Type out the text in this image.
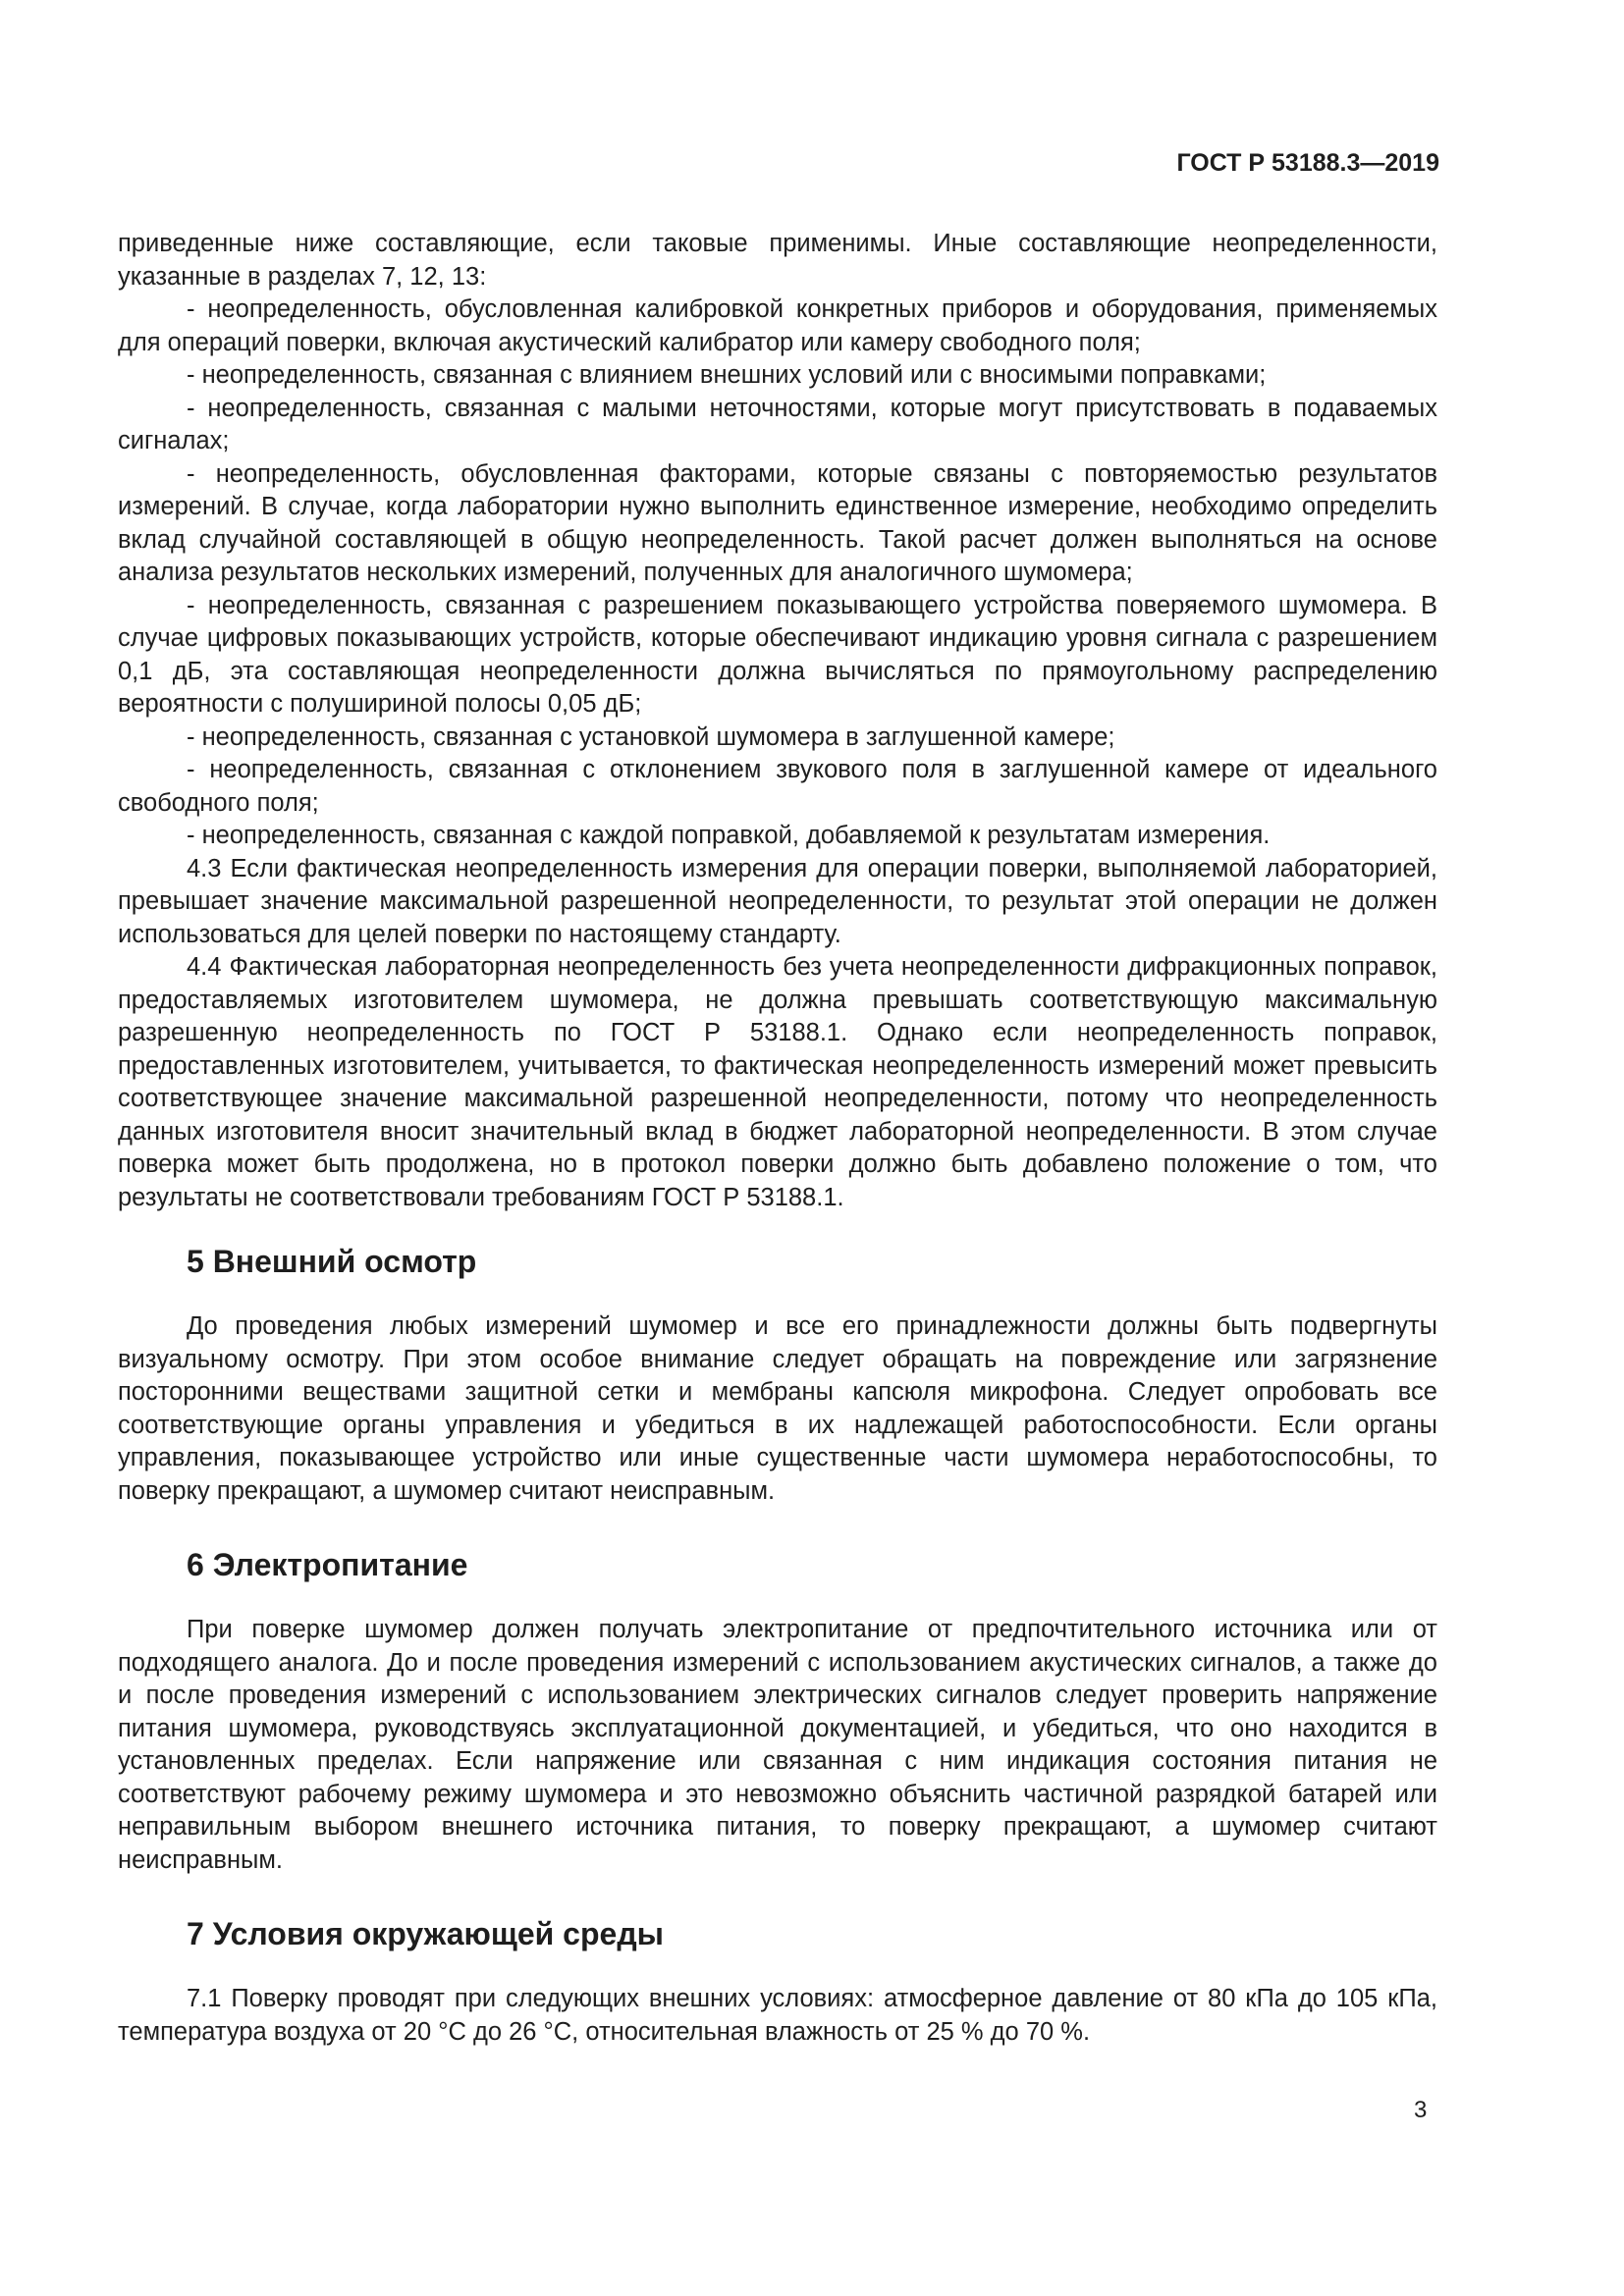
ГОСТ Р 53188.3—2019

приведенные ниже составляющие, если таковые применимы. Иные составляющие неопределенности, указанные в разделах 7, 12, 13:

- неопределенность, обусловленная калибровкой конкретных приборов и оборудования, применяемых для операций поверки, включая акустический калибратор или камеру свободного поля;

- неопределенность, связанная с влиянием внешних условий или с вносимыми поправками;

- неопределенность, связанная с малыми неточностями, которые могут присутствовать в подаваемых сигналах;

- неопределенность, обусловленная факторами, которые связаны с повторяемостью результатов измерений. В случае, когда лаборатории нужно выполнить единственное измерение, необходимо определить вклад случайной составляющей в общую неопределенность. Такой расчет должен выполняться на основе анализа результатов нескольких измерений, полученных для аналогичного шумомера;

- неопределенность, связанная с разрешением показывающего устройства поверяемого шумомера. В случае цифровых показывающих устройств, которые обеспечивают индикацию уровня сигнала с разрешением 0,1 дБ, эта составляющая неопределенности должна вычисляться по прямоугольному распределению вероятности с полушириной полосы 0,05 дБ;

- неопределенность, связанная с установкой шумомера в заглушенной камере;

- неопределенность, связанная с отклонением звукового поля в заглушенной камере от идеального свободного поля;

- неопределенность, связанная с каждой поправкой, добавляемой к результатам измерения.

4.3 Если фактическая неопределенность измерения для операции поверки, выполняемой лабораторией, превышает значение максимальной разрешенной неопределенности, то результат этой операции не должен использоваться для целей поверки по настоящему стандарту.

4.4 Фактическая лабораторная неопределенность без учета неопределенности дифракционных поправок, предоставляемых изготовителем шумомера, не должна превышать соответствующую максимальную разрешенную неопределенность по ГОСТ Р 53188.1. Однако если неопределенность поправок, предоставленных изготовителем, учитывается, то фактическая неопределенность измерений может превысить соответствующее значение максимальной разрешенной неопределенности, потому что неопределенность данных изготовителя вносит значительный вклад в бюджет лабораторной неопределенности. В этом случае поверка может быть продолжена, но в протокол поверки должно быть добавлено положение о том, что результаты не соответствовали требованиям ГОСТ Р 53188.1.

5 Внешний осмотр

До проведения любых измерений шумомер и все его принадлежности должны быть подвергнуты визуальному осмотру. При этом особое внимание следует обращать на повреждение или загрязнение посторонними веществами защитной сетки и мембраны капсюля микрофона. Следует опробовать все соответствующие органы управления и убедиться в их надлежащей работоспособности. Если органы управления, показывающее устройство или иные существенные части шумомера неработоспособны, то поверку прекращают, а шумомер считают неисправным.

6 Электропитание

При поверке шумомер должен получать электропитание от предпочтительного источника или от подходящего аналога. До и после проведения измерений с использованием акустических сигналов, а также до и после проведения измерений с использованием электрических сигналов следует проверить напряжение питания шумомера, руководствуясь эксплуатационной документацией, и убедиться, что оно находится в установленных пределах. Если напряжение или связанная с ним индикация состояния питания не соответствуют рабочему режиму шумомера и это невозможно объяснить частичной разрядкой батарей или неправильным выбором внешнего источника питания, то поверку прекращают, а шумомер считают неисправным.

7 Условия окружающей среды

7.1 Поверку проводят при следующих внешних условиях: атмосферное давление от 80 кПа до 105 кПа, температура воздуха от 20 °С до 26 °С, относительная влажность от 25 % до 70 %.

3
